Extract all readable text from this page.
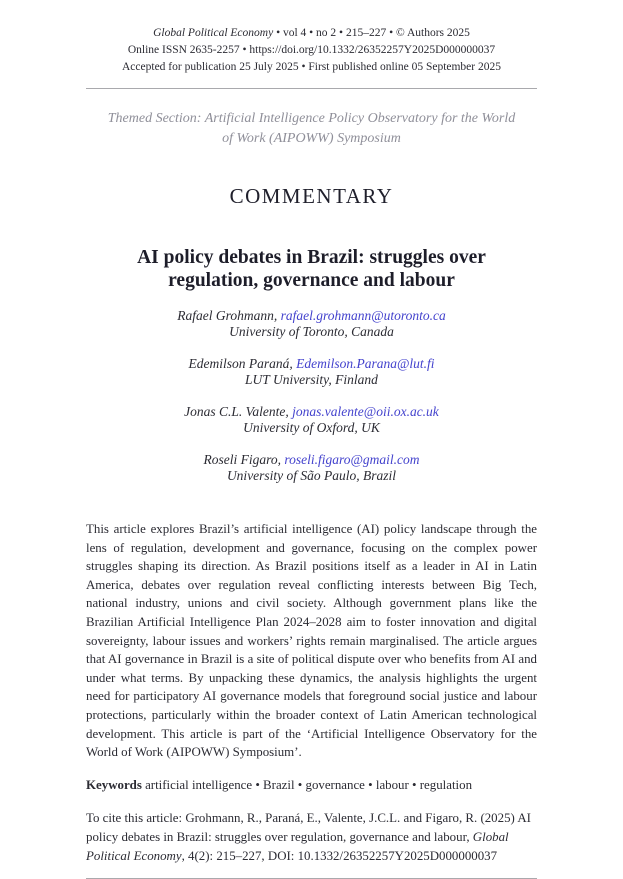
Global Political Economy • vol 4 • no 2 • 215–227 • © Authors 2025
Online ISSN 2635-2257 • https://doi.org/10.1332/26352257Y2025D000000037
Accepted for publication 25 July 2025 • First published online 05 September 2025
Themed Section: Artificial Intelligence Policy Observatory for the World of Work (AIPOWW) Symposium
COMMENTARY
AI policy debates in Brazil: struggles over regulation, governance and labour
Rafael Grohmann, rafael.grohmann@utoronto.ca
University of Toronto, Canada
Edemilson Paraná, Edemilson.Parana@lut.fi
LUT University, Finland
Jonas C.L. Valente, jonas.valente@oii.ox.ac.uk
University of Oxford, UK
Roseli Figaro, roseli.figaro@gmail.com
University of São Paulo, Brazil

This article explores Brazil’s artificial intelligence (AI) policy landscape through the lens of regulation, development and governance, focusing on the complex power struggles shaping its direction. As Brazil positions itself as a leader in AI in Latin America, debates over regulation reveal conflicting interests between Big Tech, national industry, unions and civil society. Although government plans like the Brazilian Artificial Intelligence Plan 2024–2028 aim to foster innovation and digital sovereignty, labour issues and workers’ rights remain marginalised. The article argues that AI governance in Brazil is a site of political dispute over who benefits from AI and under what terms. By unpacking these dynamics, the analysis highlights the urgent need for participatory AI governance models that foreground social justice and labour protections, particularly within the broader context of Latin American technological development. This article is part of the ‘Artificial Intelligence Observatory for the World of Work (AIPOWW) Symposium’.

Keywords artificial intelligence • Brazil • governance • labour • regulation

To cite this article: Grohmann, R., Paraná, E., Valente, J.C.L. and Figaro, R. (2025) AI policy debates in Brazil: struggles over regulation, governance and labour, Global Political Economy, 4(2): 215–227, DOI: 10.1332/26352257Y2025D000000037
